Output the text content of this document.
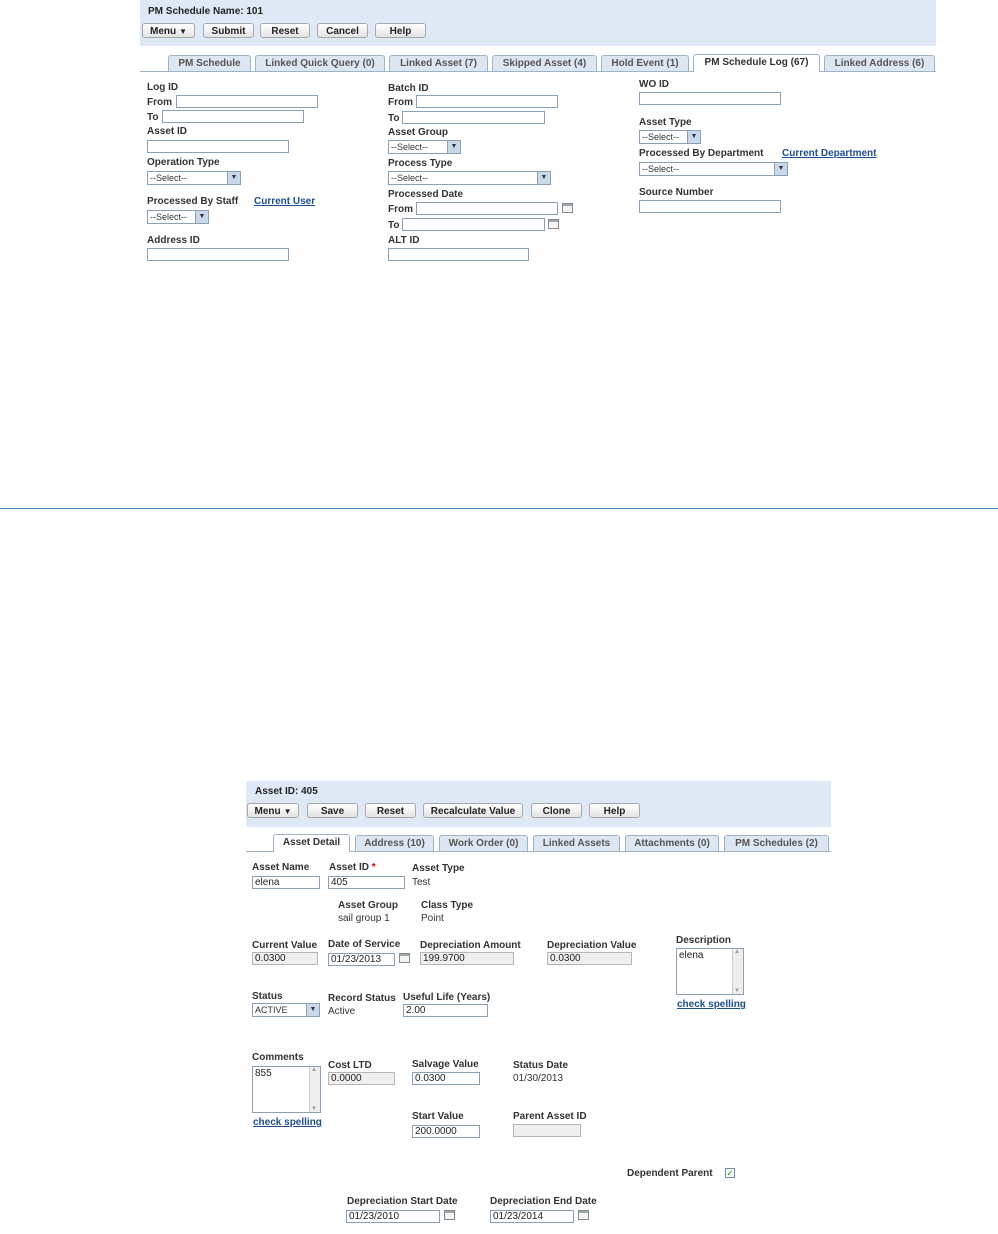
PM Schedule Name: 101
Menu ▼	Submit	Reset	Cancel	Help
PM Schedule	Linked Quick Query (0)	Linked Asset (7)	Skipped Asset (4)	Hold Event (1)	PM Schedule Log (67)	Linked Address (6)
Log ID
From
To
Asset ID
Operation Type
--Select--	▼
Processed By Staff Current User
--Select--	▼
Address ID
Batch ID
From
To
Asset Group
--Select--	▼
Process Type
--Select--	▼
Processed Date
From
To
ALT ID
WO ID
Asset Type
--Select--	▼
Processed By Department Current Department
--Select--	▼
Source Number
Asset ID: 405
Menu ▼	Save	Reset	Recalculate Value	Clone	Help
Asset Detail	Address (10)	Work Order (0)	Linked Assets	Attachments (0)	PM Schedules (2)
Asset Name
elena
Asset ID *
405
Asset Type
Test
Asset Group
sail group 1
Class Type
Point
Current Value
0.0300
Date of Service
01/23/2013
Depreciation Amount
199.9700
Depreciation Value
0.0300
Description
elena
▲ ▼
check spelling
Status
ACTIVE	▼
Record Status
Active
Useful Life (Years)
2.00
Comments
855
▲ ▼
check spelling
Cost LTD
0.0000
Salvage Value
0.0300
Status Date
01/30/2013
Start Value
200.0000
Parent Asset ID
Dependent Parent ✓
Depreciation Start Date
01/23/2010
Depreciation End Date
01/23/2014
